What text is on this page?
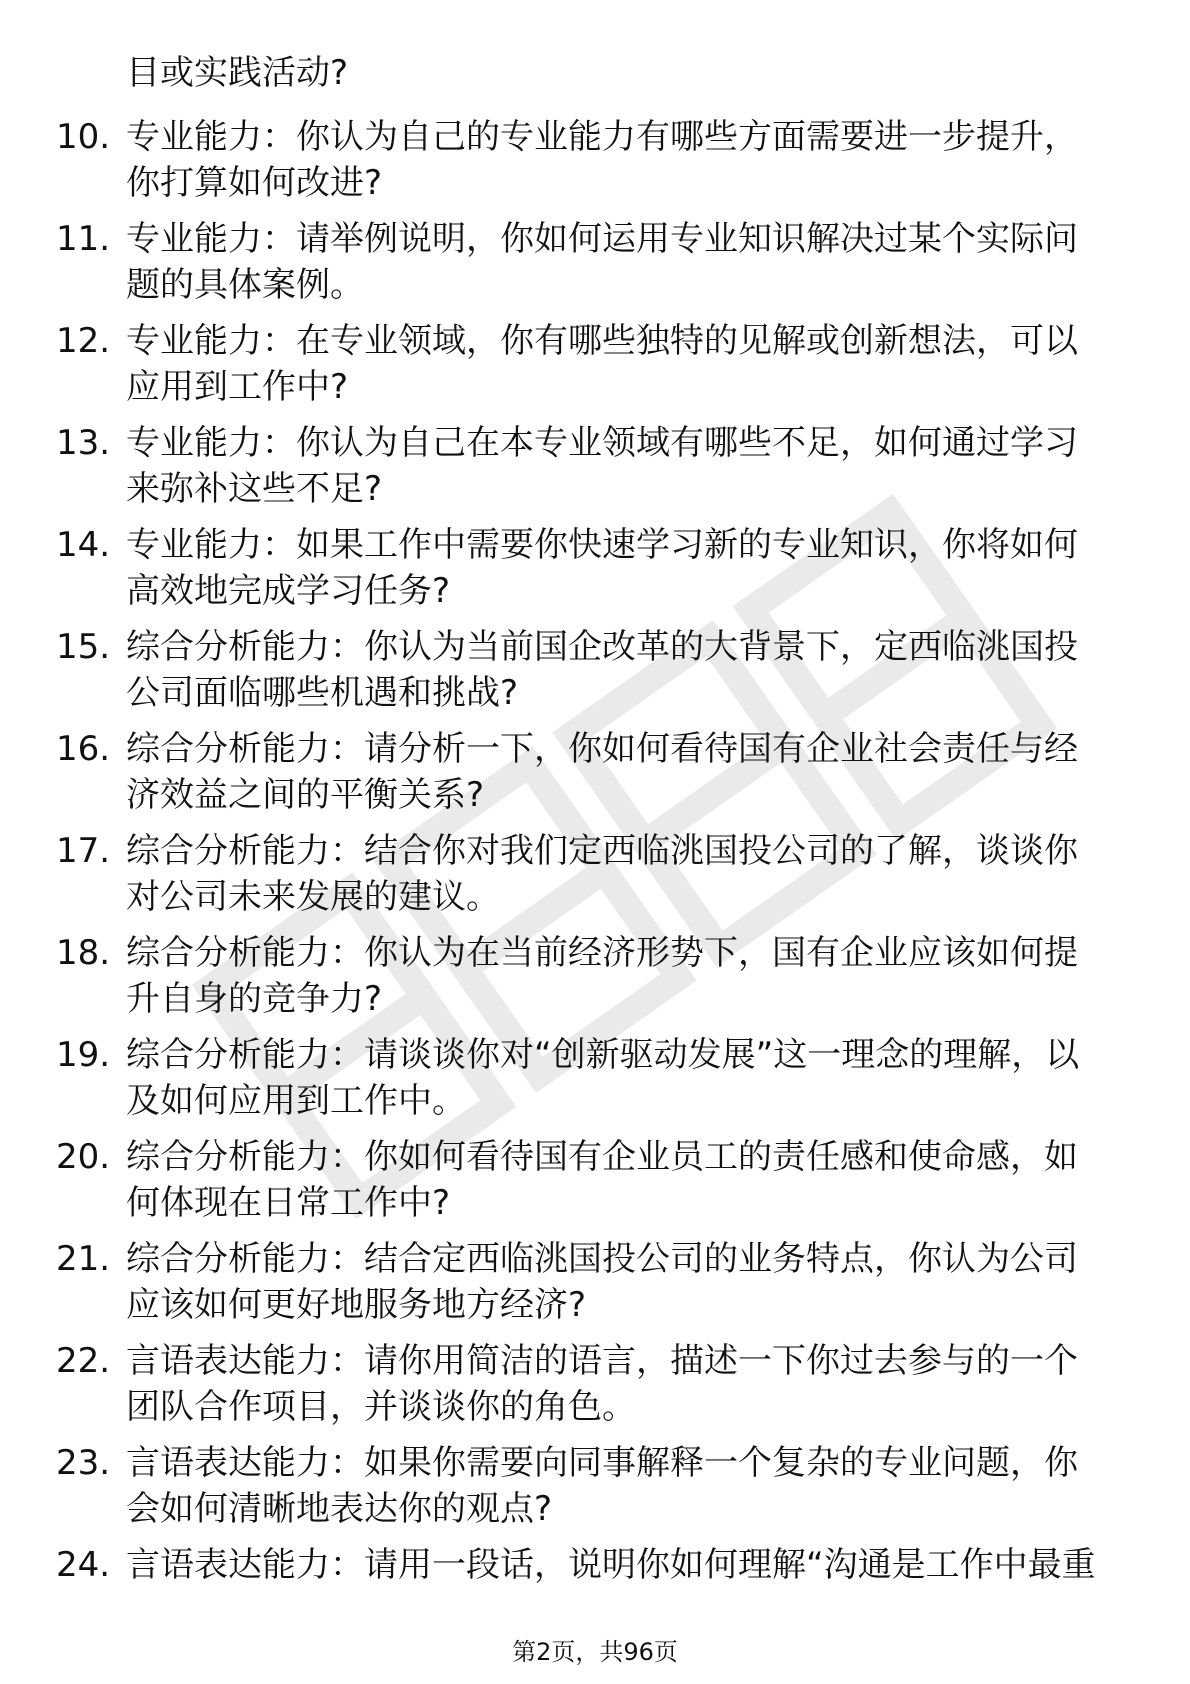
目或实践活动?
10. 专业能力：你认为自己的专业能力有哪些方面需要进一步提升，
你打算如何改进?
11. 专业能力：请举例说明，你如何运用专业知识解决过某个实际问
题的具体案例。
12. 专业能力：在专业领域，你有哪些独特的见解或创新想法，可以
应用到工作中?
13. 专业能力：你认为自己在本专业领域有哪些不足，如何通过学习
来弥补这些不足?
14. 专业能力：如果工作中需要你快速学习新的专业知识，你将如何
高效地完成学习任务?
15. 综合分析能力：你认为当前国企改革的大背景下，定西临洮国投
公司面临哪些机遇和挑战?
16. 综合分析能力：请分析一下，你如何看待国有企业社会责任与经
济效益之间的平衡关系?
17. 综合分析能力：结合你对我们定西临洮国投公司的了解，谈谈你
对公司未来发展的建议。
18. 综合分析能力：你认为在当前经济形势下，国有企业应该如何提
升自身的竞争力?
19. 综合分析能力：请谈谈你对“创新驱动发展”这一理念的理解，以
及如何应用到工作中。
20. 综合分析能力：你如何看待国有企业员工的责任感和使命感，如
何体现在日常工作中?
21. 综合分析能力：结合定西临洮国投公司的业务特点，你认为公司
应该如何更好地服务地方经济?
22. 言语表达能力：请你用简洁的语言，描述一下你过去参与的一个
团队合作项目，并谈谈你的角色。
23. 言语表达能力：如果你需要向同事解释一个复杂的专业问题，你
会如何清晰地表达你的观点?
24. 言语表达能力：请用一段话，说明你如何理解“沟通是工作中最重
第2页，共96页
